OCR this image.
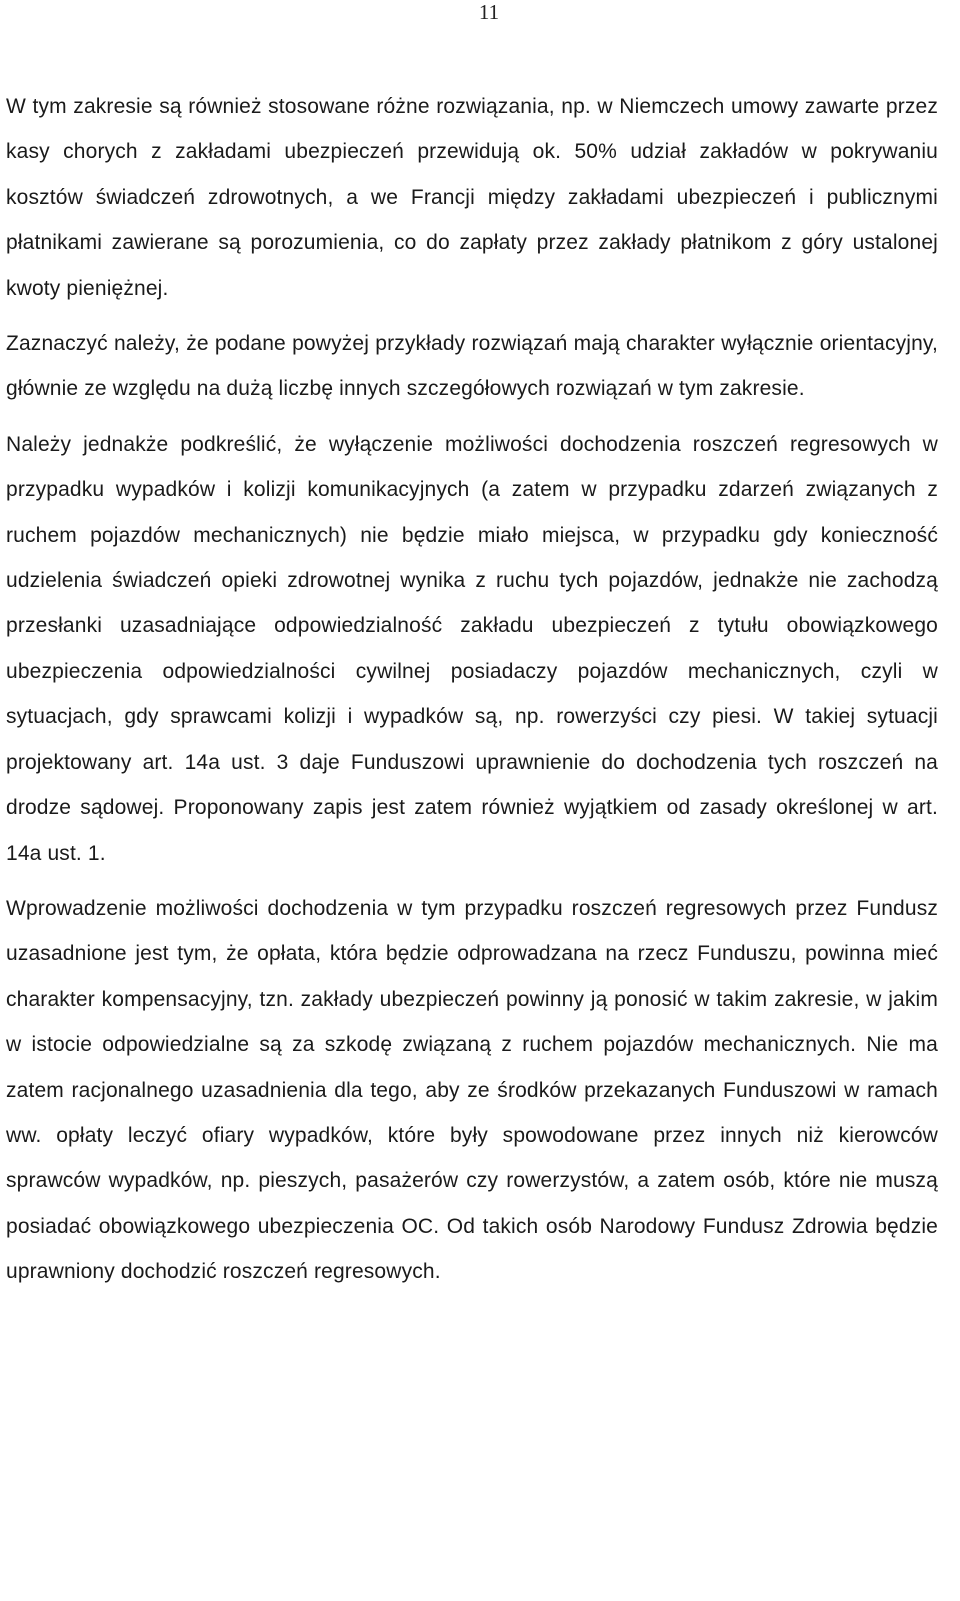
11

W tym zakresie są również stosowane różne rozwiązania, np. w Niemczech umowy zawarte przez kasy chorych z zakładami ubezpieczeń przewidują ok. 50% udział zakładów w pokrywaniu kosztów świadczeń zdrowotnych, a we Francji między zakładami ubezpieczeń i publicznymi płatnikami zawierane są porozumienia, co do zapłaty przez zakłady płatnikom z góry ustalonej kwoty pieniężnej.

Zaznaczyć należy, że podane powyżej przykłady rozwiązań mają charakter wyłącznie orientacyjny, głównie ze względu na dużą liczbę innych szczegółowych rozwiązań w tym zakresie.

Należy jednakże podkreślić, że wyłączenie możliwości dochodzenia roszczeń regresowych w przypadku wypadków i kolizji komunikacyjnych (a zatem w przypadku zdarzeń związanych z ruchem pojazdów mechanicznych) nie będzie miało miejsca, w przypadku gdy konieczność udzielenia świadczeń opieki zdrowotnej wynika z ruchu tych pojazdów, jednakże nie zachodzą przesłanki uzasadniające odpowiedzialność zakładu ubezpieczeń z tytułu obowiązkowego ubezpieczenia odpowiedzialności cywilnej posiadaczy pojazdów mechanicznych, czyli w sytuacjach, gdy sprawcami kolizji i wypadków są, np. rowerzyści czy piesi. W takiej sytuacji projektowany art. 14a ust. 3 daje Funduszowi uprawnienie do dochodzenia tych roszczeń na drodze sądowej. Proponowany zapis jest zatem również wyjątkiem od zasady określonej w art. 14a ust. 1.

Wprowadzenie możliwości dochodzenia w tym przypadku roszczeń regresowych przez Fundusz uzasadnione jest tym, że opłata, która będzie odprowadzana na rzecz Funduszu, powinna mieć charakter kompensacyjny, tzn. zakłady ubezpieczeń powinny ją ponosić w takim zakresie, w jakim w istocie odpowiedzialne są za szkodę związaną z ruchem pojazdów mechanicznych. Nie ma zatem racjonalnego uzasadnienia dla tego, aby ze środków przekazanych Funduszowi w ramach ww. opłaty leczyć ofiary wypadków, które były spowodowane przez innych niż kierowców sprawców wypadków, np. pieszych, pasażerów czy rowerzystów, a zatem osób, które nie muszą posiadać obowiązkowego ubezpieczenia OC. Od takich osób Narodowy Fundusz Zdrowia będzie uprawniony dochodzić roszczeń regresowych.
